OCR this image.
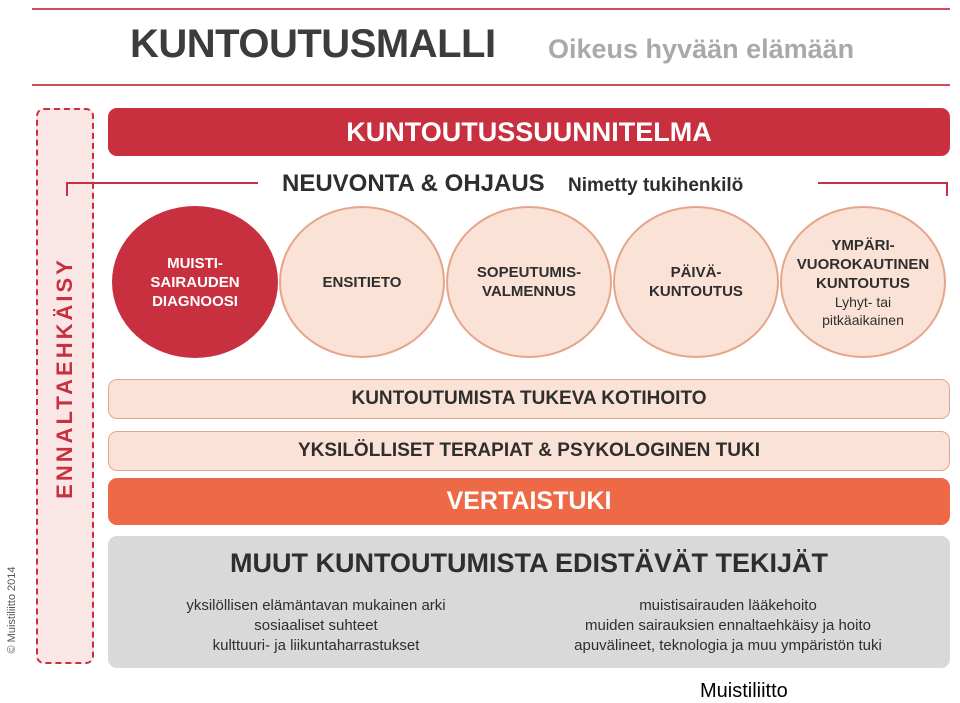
KUNTOUTUSMALLI Oikeus hyvään elämään
ENNALTAEHKÄISY
© Muistiliitto 2014
KUNTOUTUSSUUNNITELMA
NEUVONTA & OHJAUS Nimetty tukihenkilö
MUISTI-
SAIRAUDEN
DIAGNOOSI
ENSITIETO
SOPEUTUMIS-
VALMENNUS
PÄIVÄ-
KUNTOUTUS
YMPÄRI-
VUOROKAUTINEN
KUNTOUTUS
Lyhyt- tai
pitkäaikainen
KUNTOUTUMISTA TUKEVA KOTIHOITO
YKSILÖLLISET TERAPIAT & PSYKOLOGINEN TUKI
VERTAISTUKI
MUUT KUNTOUTUMISTA EDISTÄVÄT TEKIJÄT
yksilöllisen elämäntavan mukainen arki
sosiaaliset suhteet
kulttuuri- ja liikuntaharrastukset
muistisairauden lääkehoito
muiden sairauksien ennaltaehkäisy ja hoito
apuvälineet, teknologia ja muu ympäristön tuki
Muistiliitto
